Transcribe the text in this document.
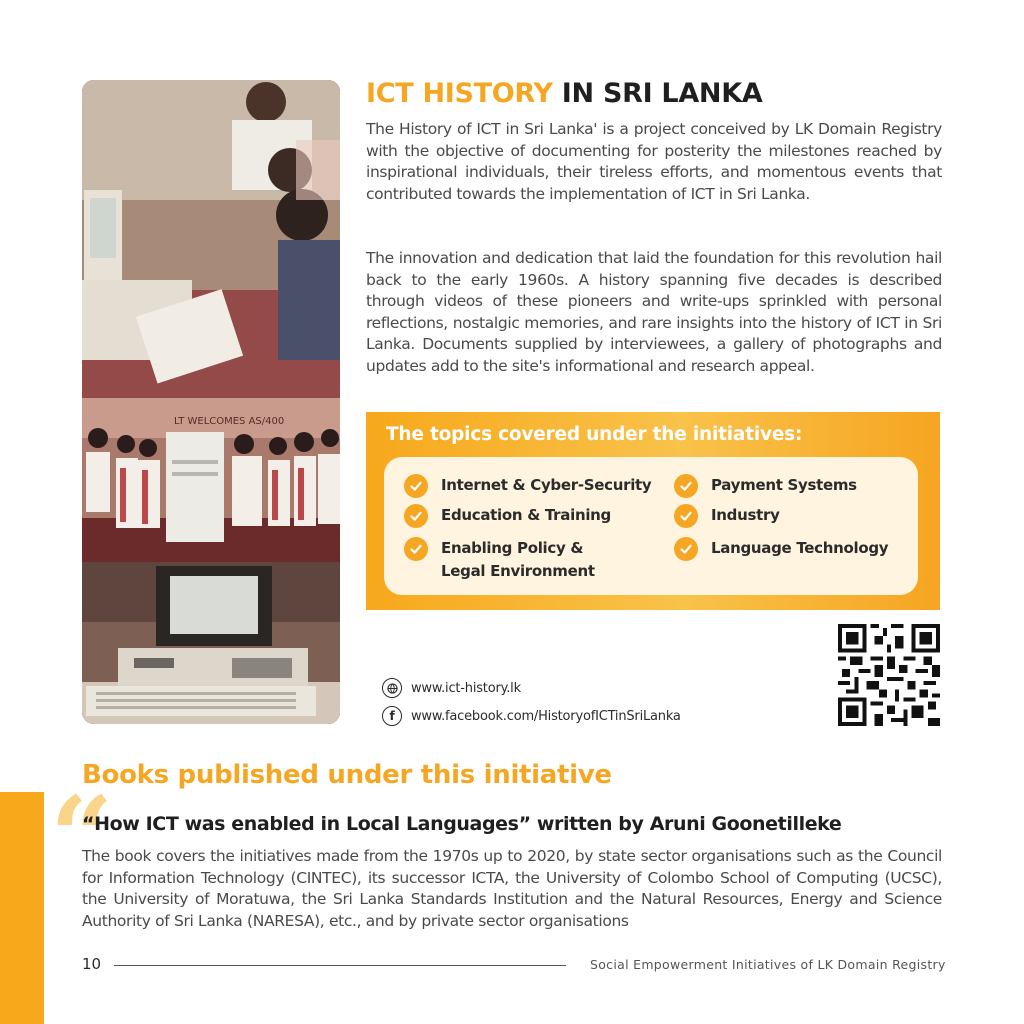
LT WELCOMES AS/400
ICT HISTORY IN SRI LANKA

The History of ICT in Sri Lanka' is a project conceived by LK Domain Registry with the objective of documenting for posterity the milestones reached by inspirational individuals, their tireless efforts, and momentous events that contributed towards the implementation of ICT in Sri Lanka.

The innovation and dedication that laid the foundation for this revolution hail back to the early 1960s. A history spanning five decades is described through videos of these pioneers and write-ups sprinkled with personal reflections, nostalgic memories, and rare insights into the history of ICT in Sri Lanka. Documents supplied by interviewees, a gallery of photographs and updates add to the site's informational and research appeal.

The topics covered under the initiatives:
Internet & Cyber-Security
Education & Training
Enabling Policy & Legal Environment
Payment Systems
Industry
Language Technology
www.ict-history.lk
f	www.facebook.com/HistoryofICTinSriLanka
“
Books published under this initiative
“How ICT was enabled in Local Languages” written by Aruni Goonetilleke

The book covers the initiatives made from the 1970s up to 2020, by state sector organisations such as the Council for Information Technology (CINTEC), its successor ICTA, the University of Colombo School of Computing (UCSC), the University of Moratuwa, the Sri Lanka Standards Institution and the Natural Resources, Energy and Science Authority of Sri Lanka (NARESA), etc., and by private sector organisations

10	Social Empowerment Initiatives of LK Domain Registry
